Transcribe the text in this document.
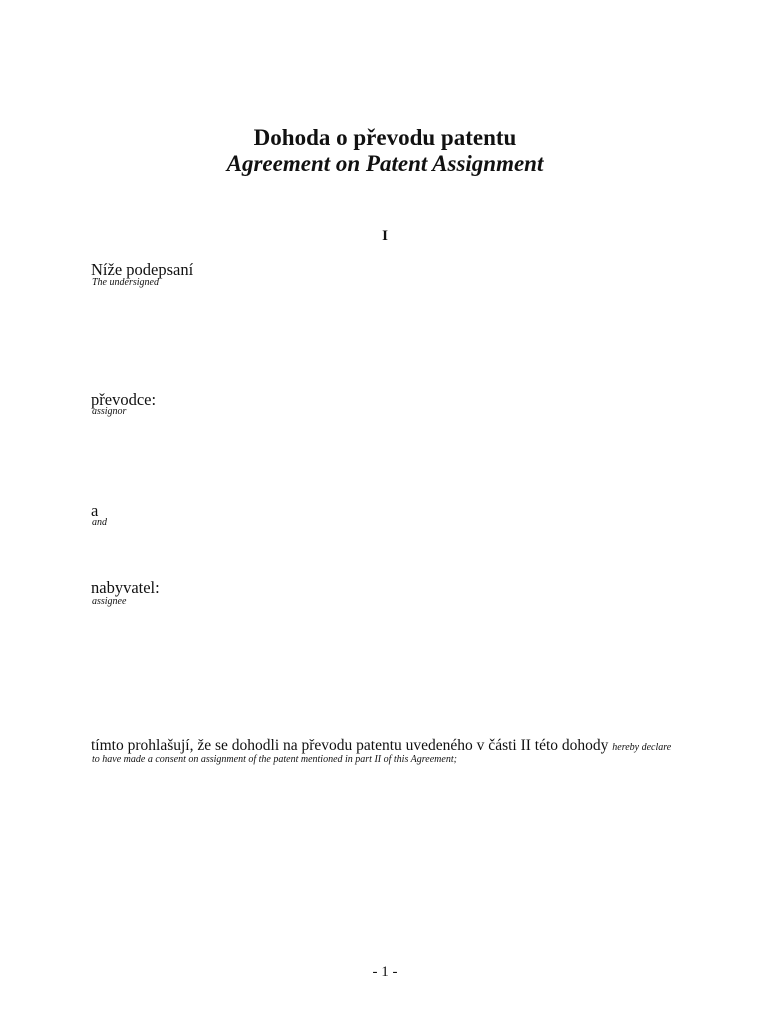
Dohoda o převodu patentu
Agreement on Patent Assignment
I
Níže podepsaní
The undersigned
převodce:
assignor
a
and
nabyvatel:
assignee
tímto prohlašují, že se dohodli na převodu patentu uvedeného v části II této dohody hereby declare
to have made a consent on assignment of the patent mentioned in part II of this Agreement;
- 1 -
